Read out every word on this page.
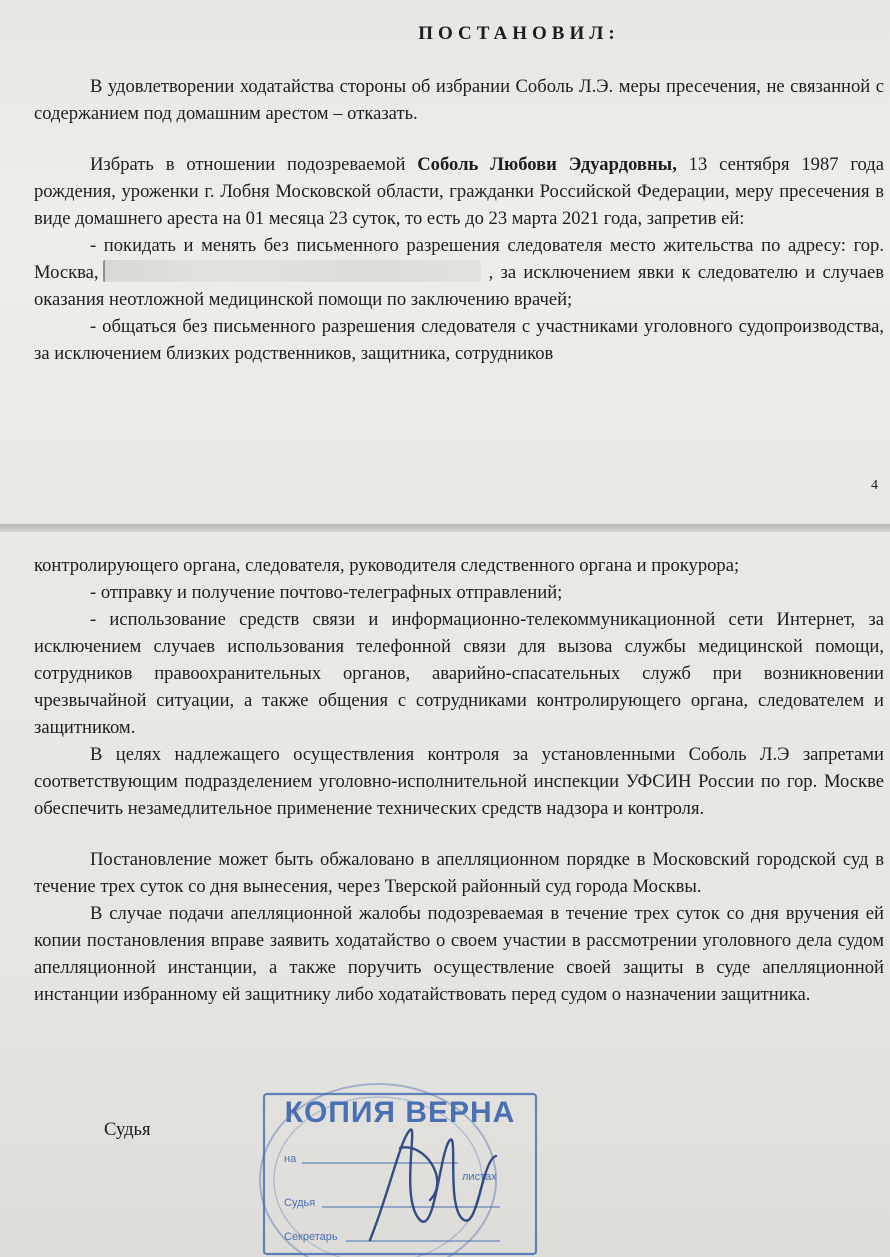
ПОСТАНОВИЛ:

В удовлетворении ходатайства стороны об избрании Соболь Л.Э. меры пресечения, не связанной с содержанием под домашним арестом – отказать.

Избрать в отношении подозреваемой Соболь Любови Эдуардовны, 13 сентября 1987 года рождения, уроженки г. Лобня Московской области, гражданки Российской Федерации, меру пресечения в виде домашнего ареста на 01 месяца 23 суток, то есть до 23 марта 2021 года, запретив ей:

- покидать и менять без письменного разрешения следователя место жительства по адресу: гор. Москва,	, за исключением явки к следователю и случаев оказания неотложной медицинской помощи по заключению врачей;

- общаться без письменного разрешения следователя с участниками уголовного судопроизводства, за исключением близких родственников, защитника, сотрудников

4

контролирующего органа, следователя, руководителя следственного органа и прокурора;

- отправку и получение почтово-телеграфных отправлений;

- использование средств связи и информационно-телекоммуникационной сети Интернет, за исключением случаев использования телефонной связи для вызова службы медицинской помощи, сотрудников правоохранительных органов, аварийно-спасательных служб при возникновении чрезвычайной ситуации, а также общения с сотрудниками контролирующего органа, следователем и защитником.

В целях надлежащего осуществления контроля за установленными Соболь Л.Э запретами соответствующим подразделением уголовно-исполнительной инспекции УФСИН России по гор. Москве обеспечить незамедлительное применение технических средств надзора и контроля.

Постановление может быть обжаловано в апелляционном порядке в Московский городской суд в течение трех суток со дня вынесения, через Тверской районный суд города Москвы.

В случае подачи апелляционной жалобы подозреваемая в течение трех суток со дня вручения ей копии постановления вправе заявить ходатайство о своем участии в рассмотрении уголовного дела судом апелляционной инстанции, а также поручить осуществление своей защиты в суде апелляционной инстанции избранному ей защитнику либо ходатайствовать перед судом о назначении защитника.

Судья
КОПИЯ ВЕРНА
на
листах
Судья
Секретарь
